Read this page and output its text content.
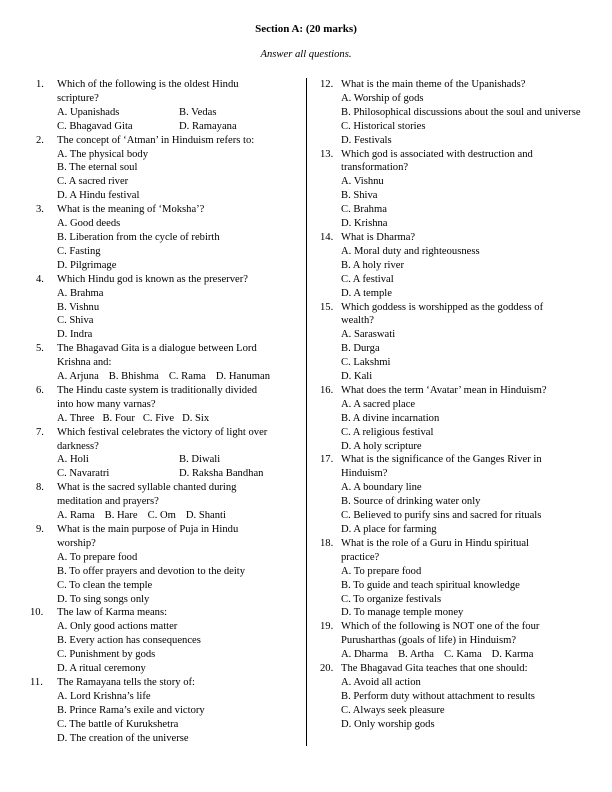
Section A: (20 marks)
Answer all questions.
1. Which of the following is the oldest Hindu
scripture?
A. Upanishads	B. Vedas
C. Bhagavad Gita	D. Ramayana
2. The concept of ‘Atman’ in Hinduism refers to:
A. The physical body
B. The eternal soul
C. A sacred river
D. A Hindu festival
3. What is the meaning of ‘Moksha’?
A. Good deeds
B. Liberation from the cycle of rebirth
C. Fasting
D. Pilgrimage
4. Which Hindu god is known as the preserver?
A. Brahma
B. Vishnu
C. Shiva
D. Indra
5. The Bhagavad Gita is a dialogue between Lord
Krishna and:
A. Arjuna B. Bhishma C. Rama D. Hanuman
6. The Hindu caste system is traditionally divided
into how many varnas?
A. Three B. Four C. Five D. Six
7. Which festival celebrates the victory of light over
darkness?
A. Holi	B. Diwali
C. Navaratri	D. Raksha Bandhan
8. What is the sacred syllable chanted during
meditation and prayers?
A. Rama B. Hare C. Om D. Shanti
9. What is the main purpose of Puja in Hindu
worship?
A. To prepare food
B. To offer prayers and devotion to the deity
C. To clean the temple
D. To sing songs only
10. The law of Karma means:
A. Only good actions matter
B. Every action has consequences
C. Punishment by gods
D. A ritual ceremony
11. The Ramayana tells the story of:
A. Lord Krishna’s life
B. Prince Rama’s exile and victory
C. The battle of Kurukshetra
D. The creation of the universe
12. What is the main theme of the Upanishads?
A. Worship of gods
B. Philosophical discussions about the soul and universe
C. Historical stories
D. Festivals
13. Which god is associated with destruction and
transformation?
A. Vishnu
B. Shiva
C. Brahma
D. Krishna
14. What is Dharma?
A. Moral duty and righteousness
B. A holy river
C. A festival
D. A temple
15. Which goddess is worshipped as the goddess of
wealth?
A. Saraswati
B. Durga
C. Lakshmi
D. Kali
16. What does the term ‘Avatar’ mean in Hinduism?
A. A sacred place
B. A divine incarnation
C. A religious festival
D. A holy scripture
17. What is the significance of the Ganges River in
Hinduism?
A. A boundary line
B. Source of drinking water only
C. Believed to purify sins and sacred for rituals
D. A place for farming
18. What is the role of a Guru in Hindu spiritual
practice?
A. To prepare food
B. To guide and teach spiritual knowledge
C. To organize festivals
D. To manage temple money
19. Which of the following is NOT one of the four
Purusharthas (goals of life) in Hinduism?
A. Dharma B. Artha C. Kama D. Karma
20. The Bhagavad Gita teaches that one should:
A. Avoid all action
B. Perform duty without attachment to results
C. Always seek pleasure
D. Only worship gods
